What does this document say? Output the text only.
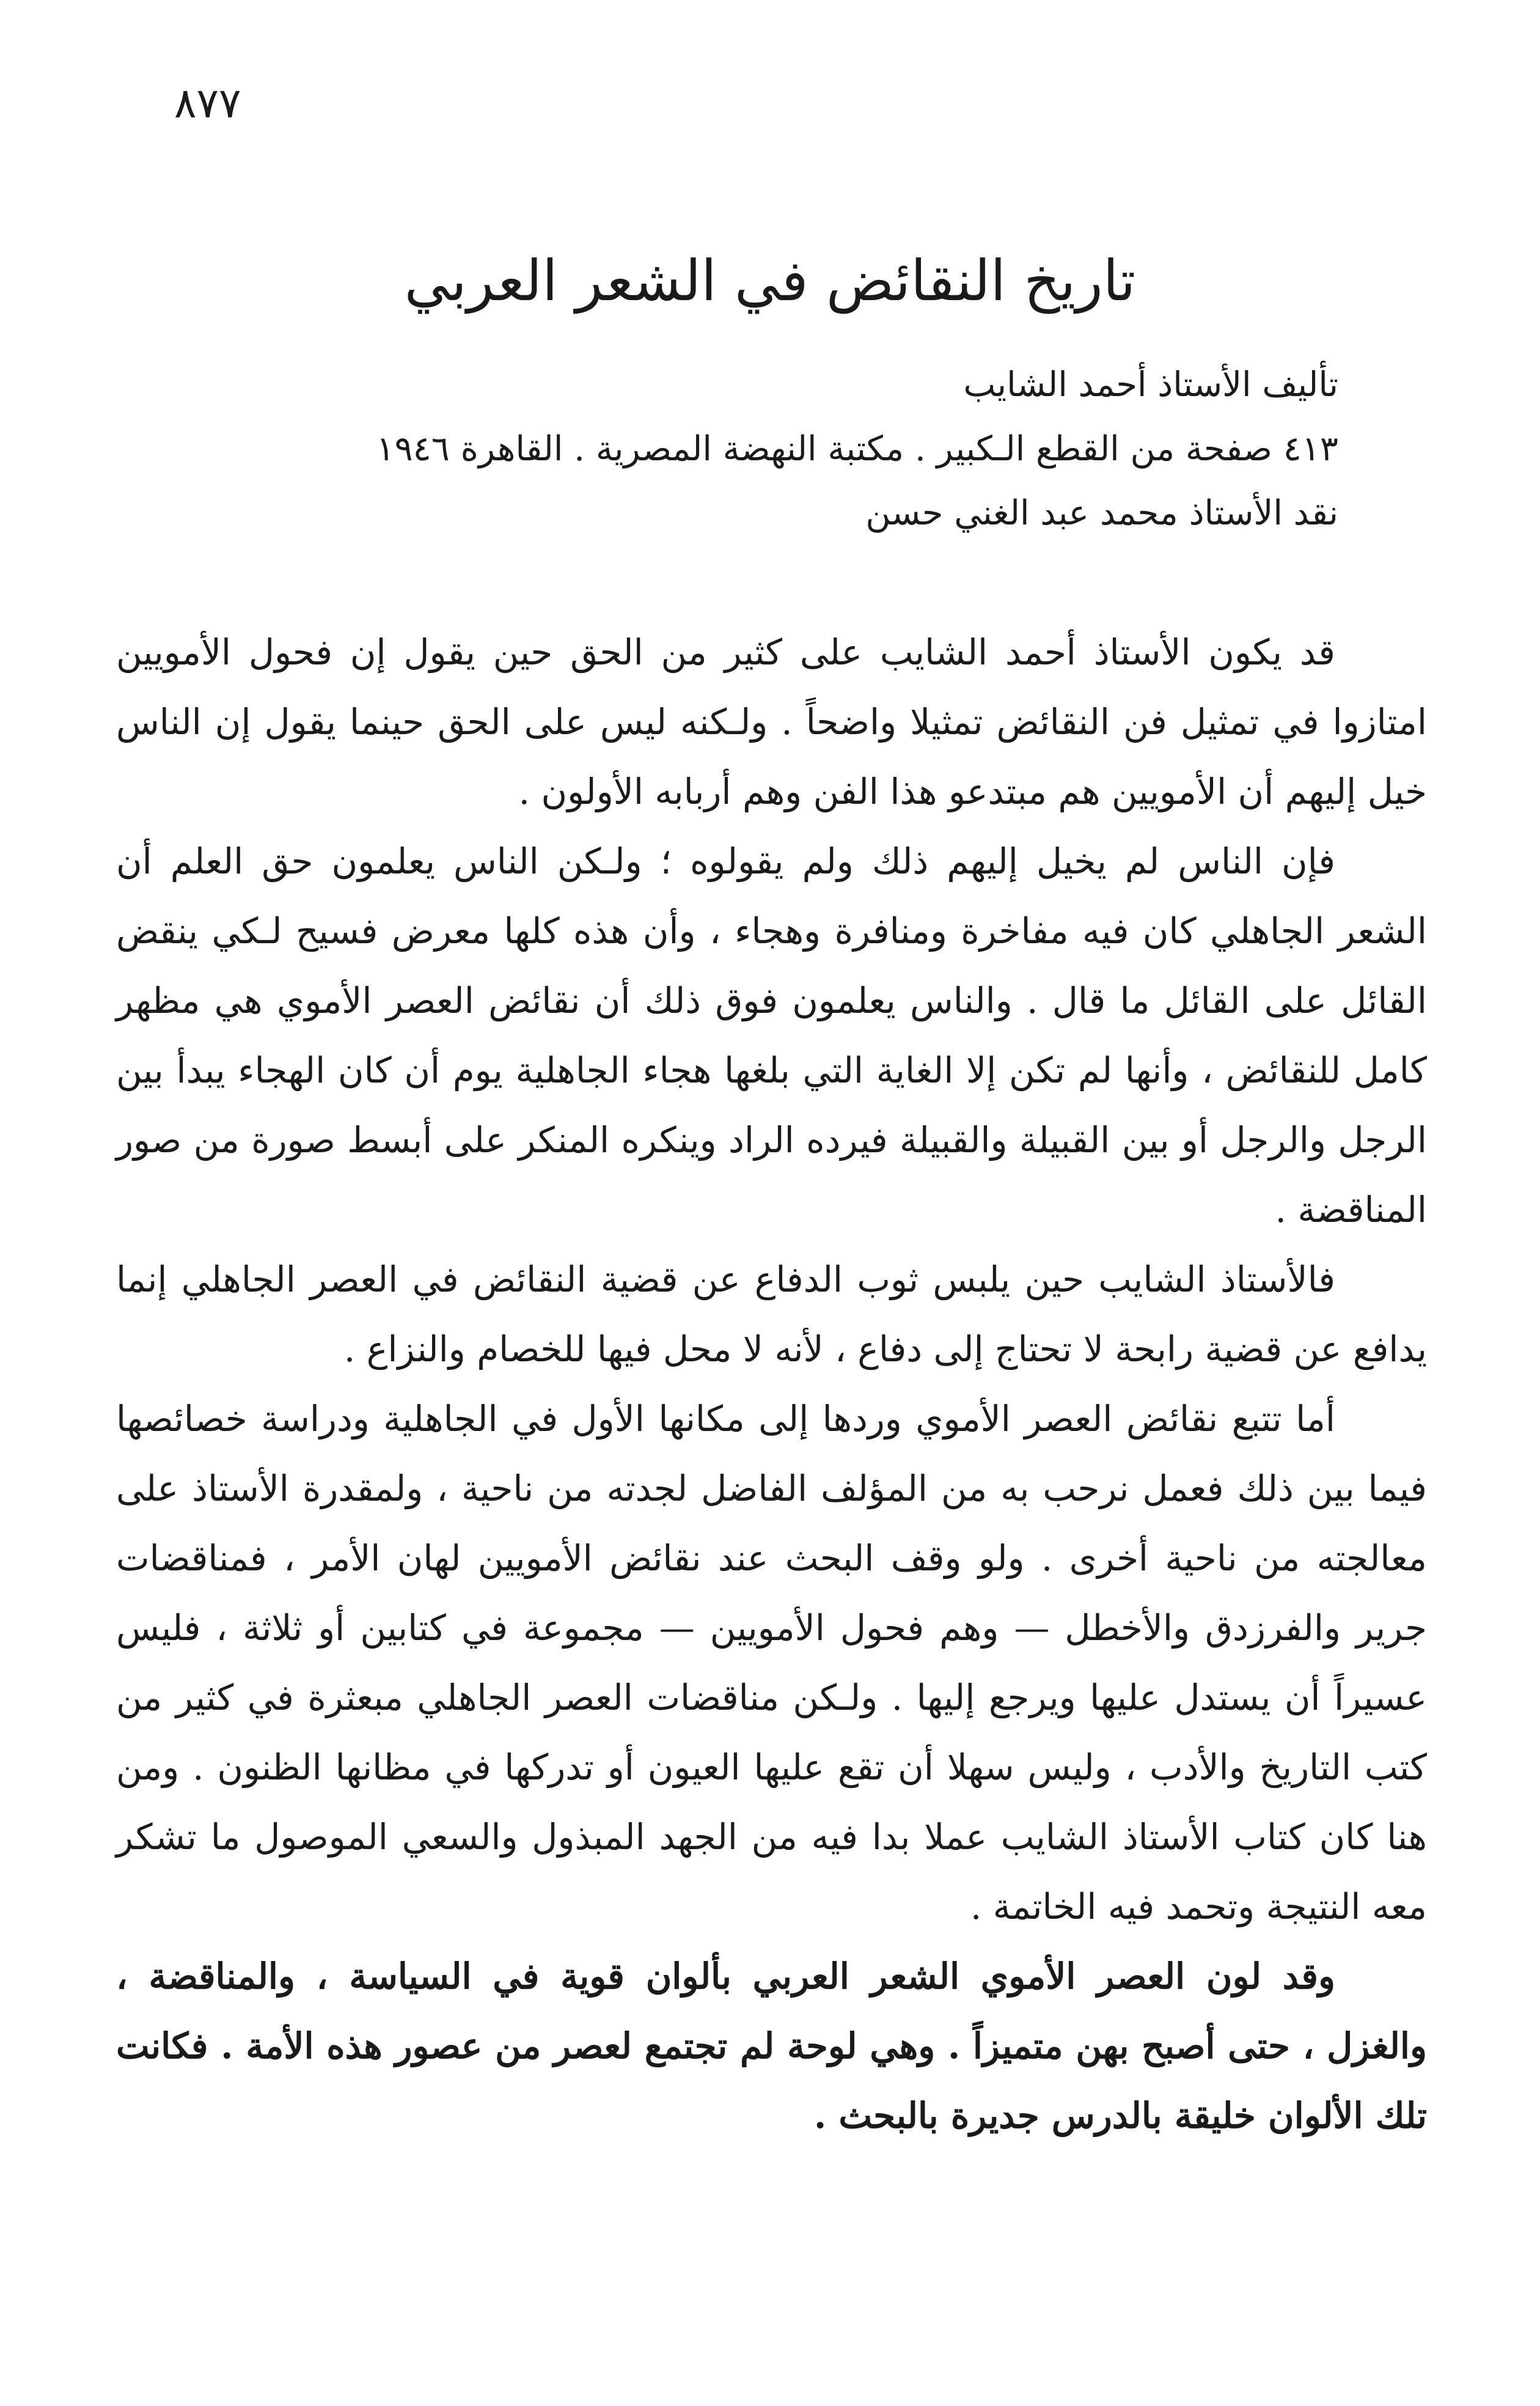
٨٧٧
تاريخ النقائض في الشعر العربي
تأليف الأستاذ أحمد الشايب
٤١٣ صفحة من القطع الـكبير . مكتبة النهضة المصرية . القاهرة ١٩٤٦
نقد الأستاذ محمد عبد الغني حسن

قد يكون الأستاذ أحمد الشايب على كثير من الحق حين يقول إن فحول الأمويين امتازوا في تمثيل فن النقائض تمثيلا واضحاً . ولـكنه ليس على الحق حينما يقول إن الناس خيل إليهم أن الأمويين هم مبتدعو هذا الفن وهم أربابه الأولون .

فإن الناس لم يخيل إليهم ذلك ولم يقولوه ؛ ولـكن الناس يعلمون حق العلم أن الشعر الجاهلي كان فيه مفاخرة ومنافرة وهجاء ، وأن هذه كلها معرض فسيح لـكي ينقض القائل على القائل ما قال . والناس يعلمون فوق ذلك أن نقائض العصر الأموي هي مظهر كامل للنقائض ، وأنها لم تكن إلا الغاية التي بلغها هجاء الجاهلية يوم أن كان الهجاء يبدأ بين الرجل والرجل أو بين القبيلة والقبيلة فيرده الراد وينكره المنكر على أبسط صورة من صور المناقضة .

فالأستاذ الشايب حين يلبس ثوب الدفاع عن قضية النقائض في العصر الجاهلي إنما يدافع عن قضية رابحة لا تحتاج إلى دفاع ، لأنه لا محل فيها للخصام والنزاع .

أما تتبع نقائض العصر الأموي وردها إلى مكانها الأول في الجاهلية ودراسة خصائصها فيما بين ذلك فعمل نرحب به من المؤلف الفاضل لجدته من ناحية ، ولمقدرة الأستاذ على معالجته من ناحية أخرى . ولو وقف البحث عند نقائض الأمويين لهان الأمر ، فمناقضات جرير والفرزدق والأخطل — وهم فحول الأمويين — مجموعة في كتابين أو ثلاثة ، فليس عسيراً أن يستدل عليها ويرجع إليها . ولـكن مناقضات العصر الجاهلي مبعثرة في كثير من كتب التاريخ والأدب ، وليس سهلا أن تقع عليها العيون أو تدركها في مظانها الظنون . ومن هنا كان كتاب الأستاذ الشايب عملا بدا فيه من الجهد المبذول والسعي الموصول ما تشكر معه النتيجة وتحمد فيه الخاتمة .

وقد لون العصر الأموي الشعر العربي بألوان قوية في السياسة ، والمناقضة ، والغزل ، حتى أصبح بهن متميزاً . وهي لوحة لم تجتمع لعصر من عصور هذه الأمة . فكانت تلك الألوان خليقة بالدرس جديرة بالبحث .
